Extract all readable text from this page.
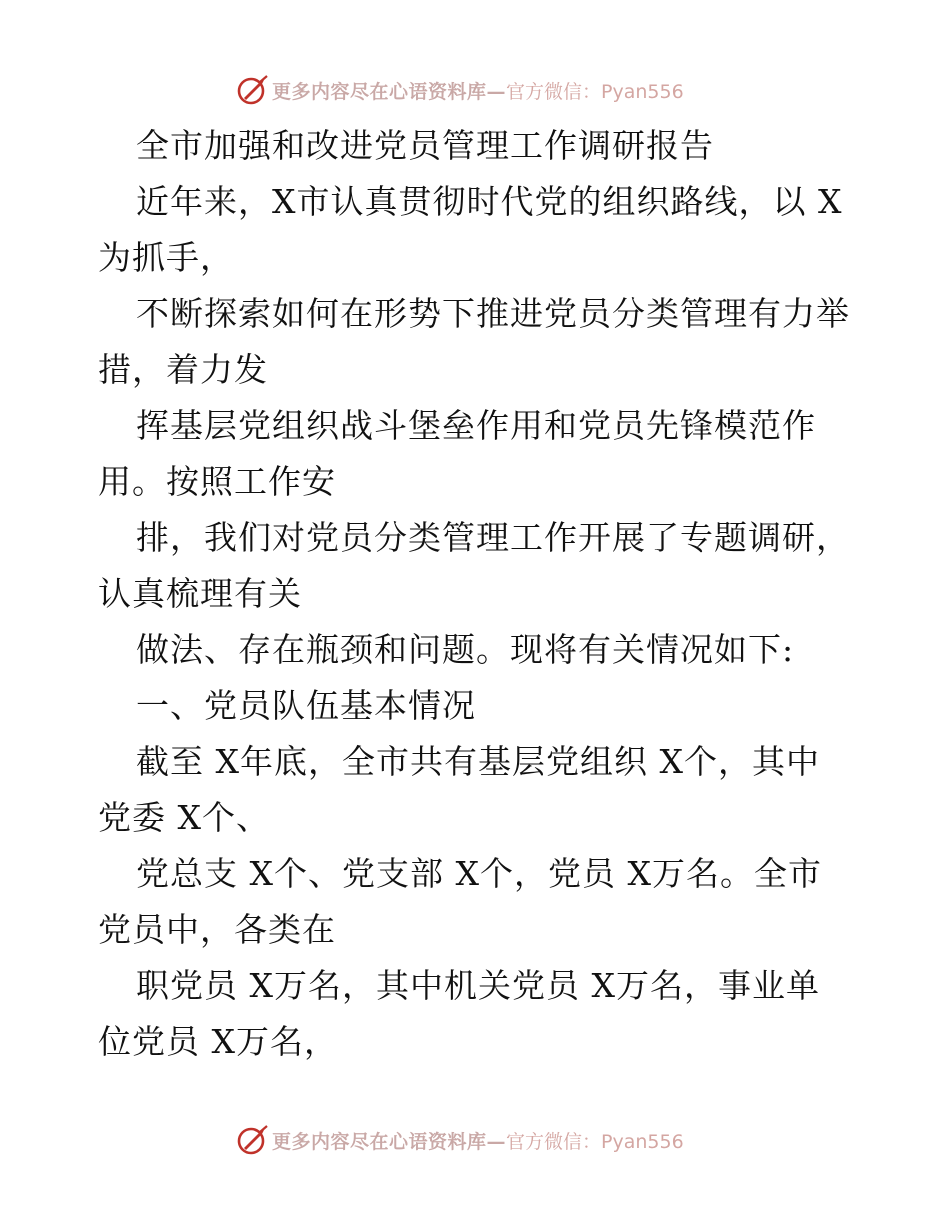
更多内容尽在心语资料库— 官方微信：Pyan556
全市加强和改进党员管理工作调研报告
近年来，X市认真贯彻时代党的组织路线，以 X
为抓手，
不断探索如何在形势下推进党员分类管理有力举
措，着力发
挥基层党组织战斗堡垒作用和党员先锋模范作
用。按照工作安
排，我们对党员分类管理工作开展了专题调研，
认真梳理有关
做法、存在瓶颈和问题。现将有关情况如下:
一、党员队伍基本情况
截至 X年底，全市共有基层党组织 X个，其中
党委 X个、
党总支 X个、党支部 X个，党员 X万名。全市
党员中，各类在
职党员 X万名，其中机关党员 X万名，事业单
位党员 X万名，
更多内容尽在心语资料库— 官方微信：Pyan556
